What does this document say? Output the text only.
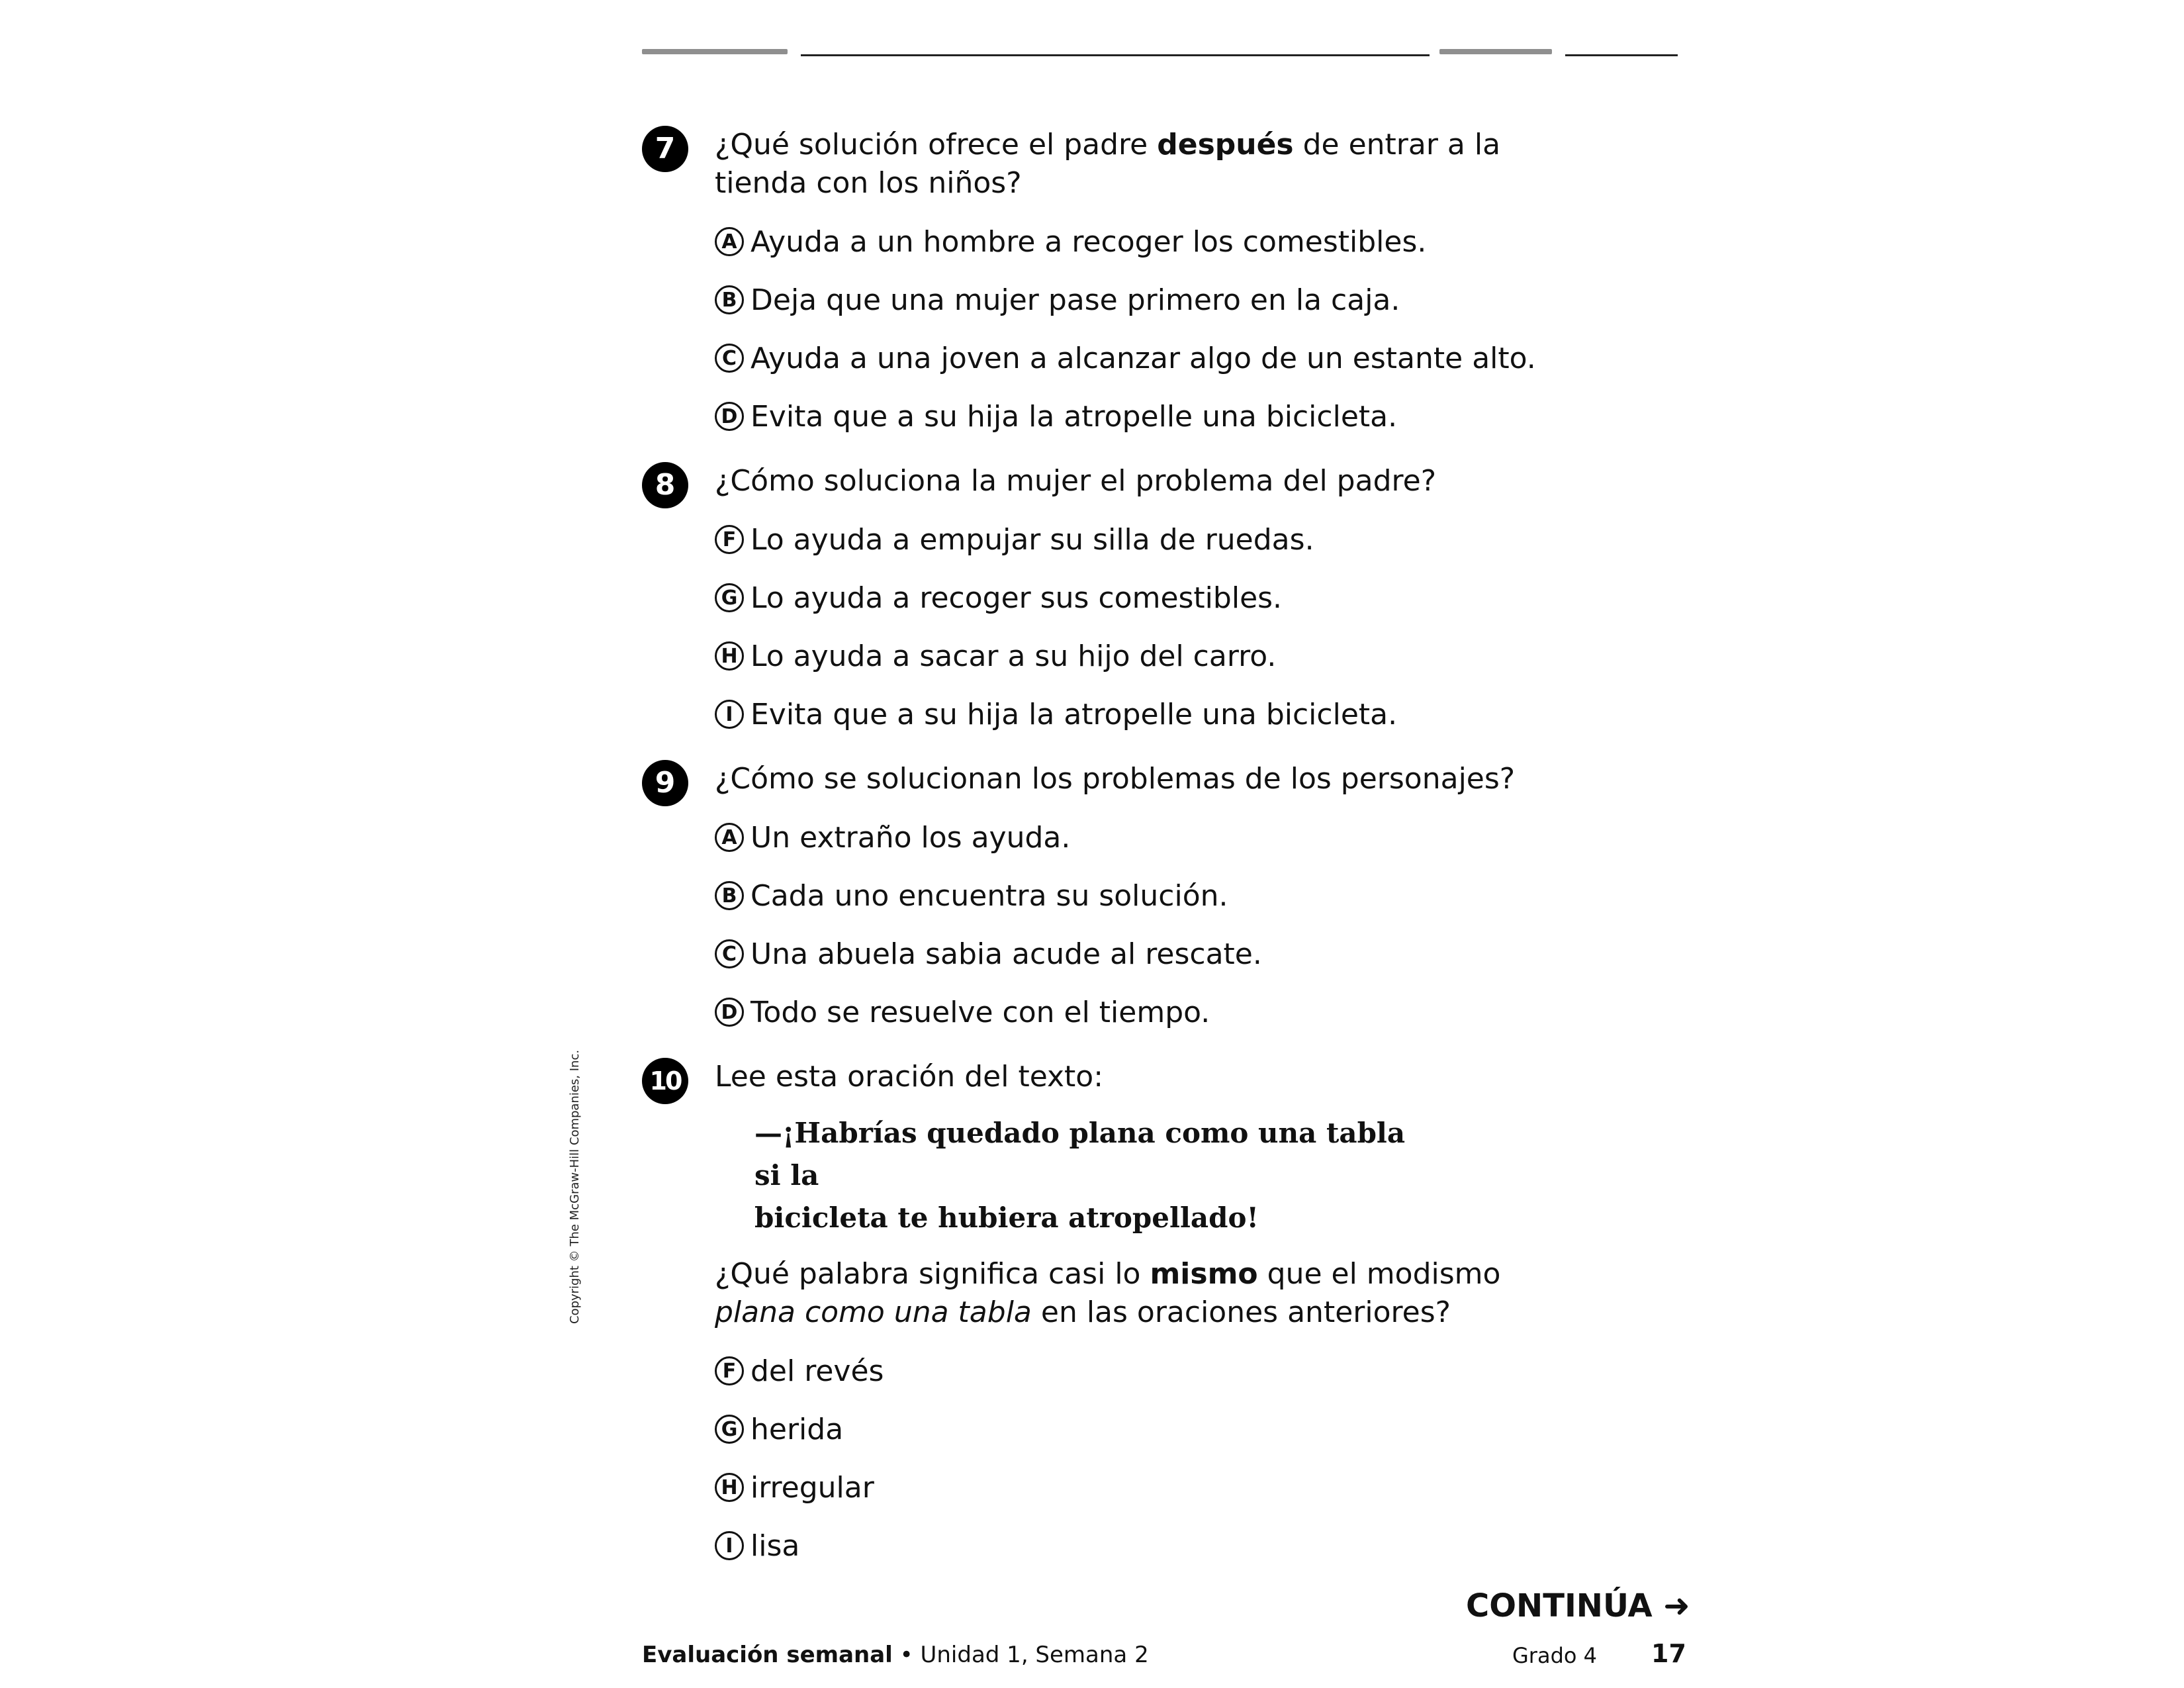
Copyright © The McGraw-Hill Companies, Inc.
7	¿Qué solución ofrece el padre después de entrar a la tienda con los niños?

A Ayuda a un hombre a recoger los comestibles.
B Deja que una mujer pase primero en la caja.
C Ayuda a una joven a alcanzar algo de un estante alto.
D Evita que a su hija la atropelle una bicicleta.
8	¿Cómo soluciona la mujer el problema del padre?

F Lo ayuda a empujar su silla de ruedas.
G Lo ayuda a recoger sus comestibles.
H Lo ayuda a sacar a su hijo del carro.
I Evita que a su hija la atropelle una bicicleta.
9	¿Cómo se solucionan los problemas de los personajes?

A Un extraño los ayuda.
B Cada uno encuentra su solución.
C Una abuela sabia acude al rescate.
D Todo se resuelve con el tiempo.
10 Lee esta oración del texto:

—¡Habrías quedado plana como una tabla si la
bicicleta te hubiera atropellado!

¿Qué palabra significa casi lo mismo que el modismo plana como una tabla en las oraciones anteriores?

F del revés
G herida
H irregular
I lisa
CONTINÚA ➜
Evaluación semanal • Unidad 1, Semana 2	Grado 4 17
